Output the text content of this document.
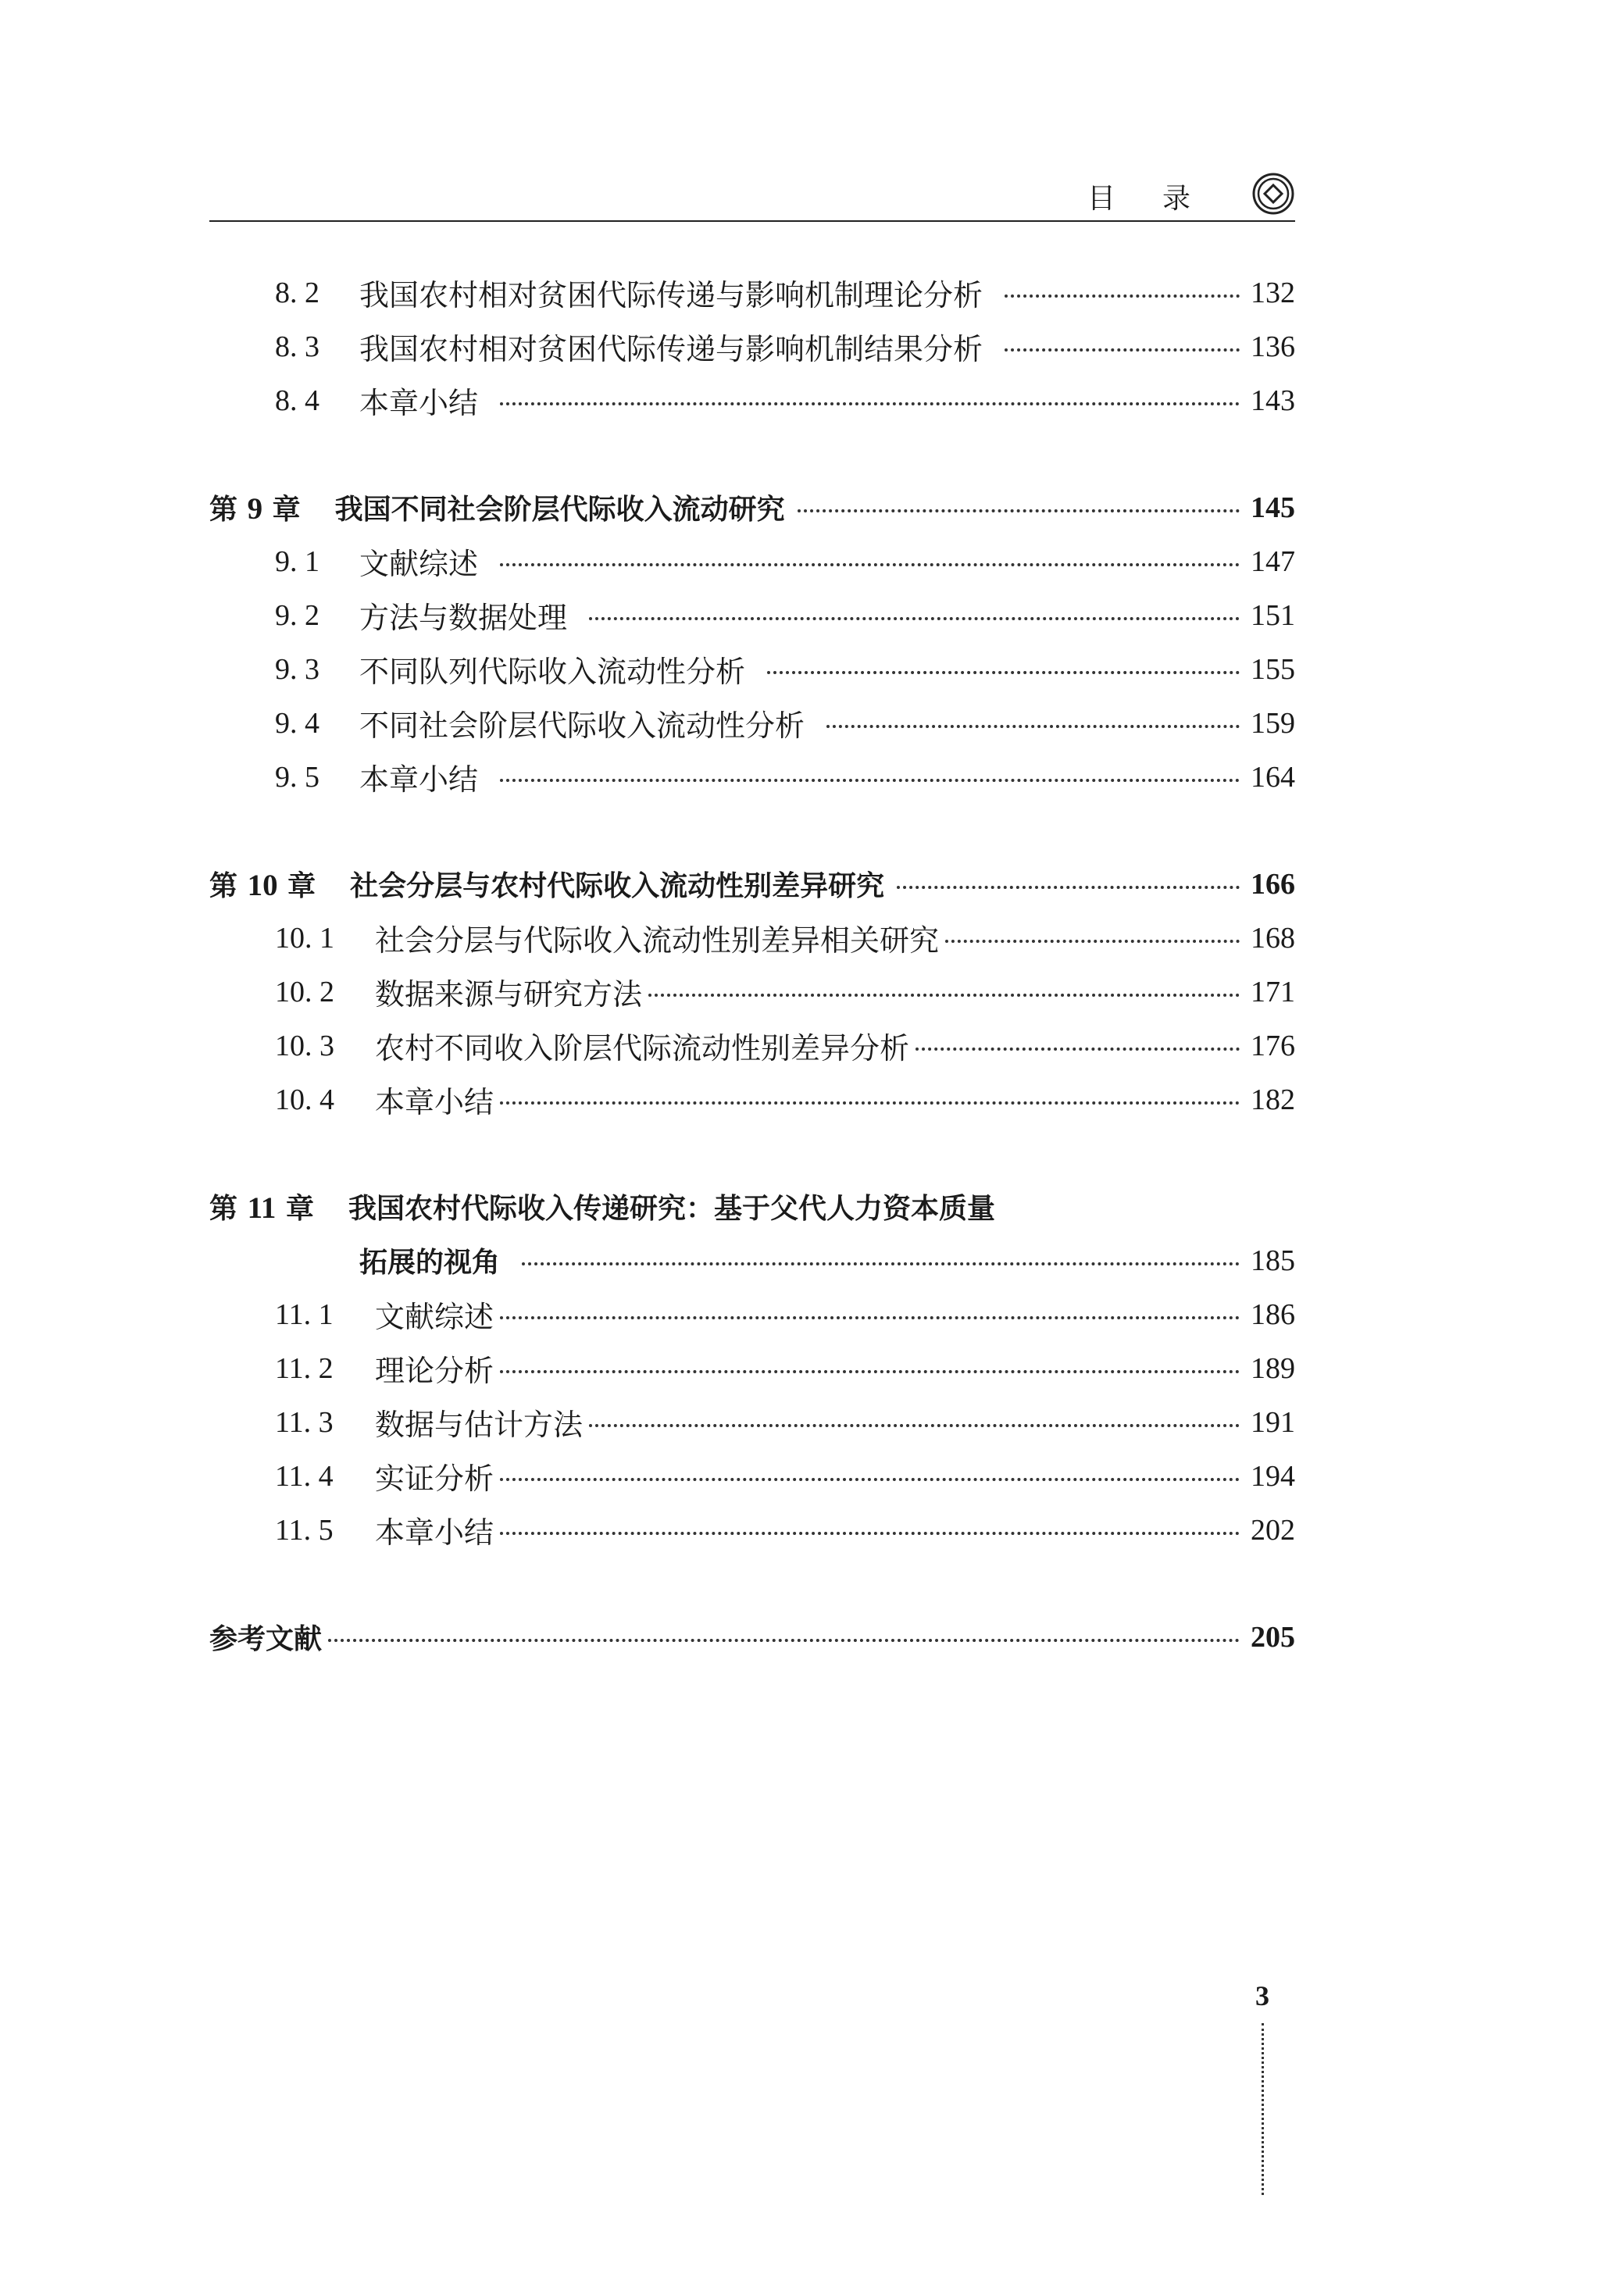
目录
8. 2 我国农村相对贫困代际传递与影响机制理论分析	132
8. 3 我国农村相对贫困代际传递与影响机制结果分析	136
8. 4 本章小结	143
第 9 章 我国不同社会阶层代际收入流动研究	145
9. 1 文献综述	147
9. 2 方法与数据处理	151
9. 3 不同队列代际收入流动性分析	155
9. 4 不同社会阶层代际收入流动性分析	159
9. 5 本章小结	164
第 10 章 社会分层与农村代际收入流动性别差异研究	166
10. 1 社会分层与代际收入流动性别差异相关研究	168
10. 2 数据来源与研究方法	171
10. 3 农村不同收入阶层代际流动性别差异分析	176
10. 4 本章小结	182
第 11 章 我国农村代际收入传递研究：基于父代人力资本质量
拓展的视角	185
11. 1 文献综述	186
11. 2 理论分析	189
11. 3 数据与估计方法	191
11. 4 实证分析	194
11. 5 本章小结	202
参考文献	205
3
